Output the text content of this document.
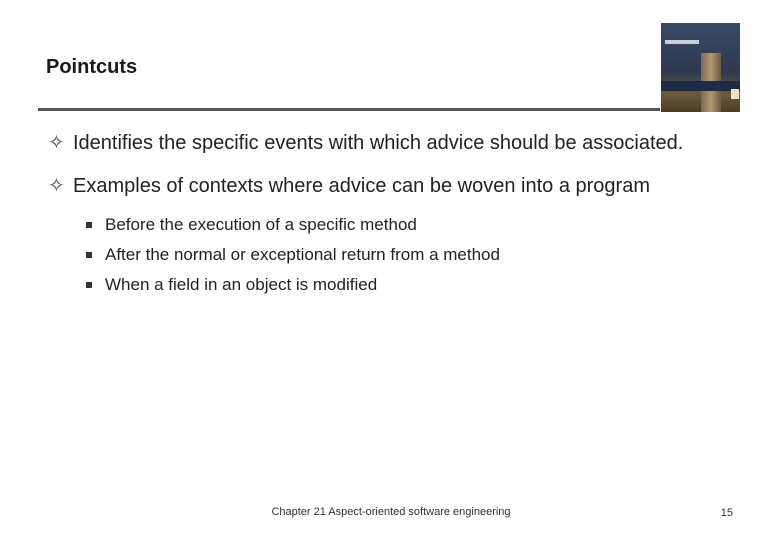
Pointcuts
✧ Identifies the specific events with which advice should be associated.
✧ Examples of contexts where advice can be woven into a program
Before the execution of a specific method
After the normal or exceptional return from a method
When a field in an object is modified
Chapter 21 Aspect-oriented software engineering	15
